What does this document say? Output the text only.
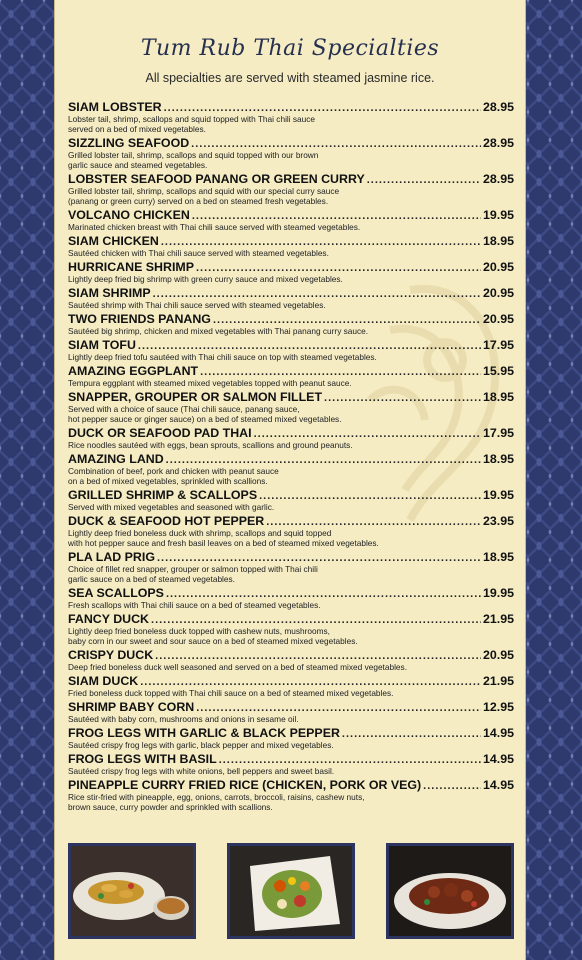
Tum Rub Thai Specialties
All specialties are served with steamed jasmine rice.
SIAM LOBSTER .....	28.95
Lobster tail, shrimp, scallops and squid topped with Thai chili sauce
served on a bed of mixed vegetables.
SIZZLING SEAFOOD .....	28.95
Grilled lobster tail, shrimp, scallops and squid topped with our brown
garlic sauce and steamed vegetables.
LOBSTER SEAFOOD PANANG OR GREEN CURRY .....	28.95
Grilled lobster tail, shrimp, scallops and squid with our special curry sauce
(panang or green curry) served on a bed on steamed fresh vegetables.
VOLCANO CHICKEN .....	19.95
Marinated chicken breast with Thai chili sauce served with steamed vegetables.
SIAM CHICKEN .....	18.95
Sautéed chicken with Thai chili sauce served with steamed vegetables.
HURRICANE SHRIMP .....	20.95
Lightly deep fried big shrimp with green curry sauce and mixed vegetables.
SIAM SHRIMP .....	20.95
Sautéed shrimp with Thai chili sauce served with steamed vegetables.
TWO FRIENDS PANANG .....	20.95
Sautéed big shrimp, chicken and mixed vegetables with Thai panang curry sauce.
SIAM TOFU .....	17.95
Lightly deep fried tofu sautéed with Thai chili sauce on top with steamed vegetables.
AMAZING EGGPLANT .....	15.95
Tempura eggplant with steamed mixed vegetables topped with peanut sauce.
SNAPPER, GROUPER OR SALMON FILLET .....	18.95
Served with a choice of sauce (Thai chili sauce, panang sauce,
hot pepper sauce or ginger sauce) on a bed of steamed mixed vegetables.
DUCK OR SEAFOOD PAD THAI .....	17.95
Rice noodles sautéed with eggs, bean sprouts, scallions and ground peanuts.
AMAZING LAND .....	18.95
Combination of beef, pork and chicken with peanut sauce
on a bed of mixed vegetables, sprinkled with scallions.
GRILLED SHRIMP & SCALLOPS .....	19.95
Served with mixed vegetables and seasoned with garlic.
DUCK & SEAFOOD HOT PEPPER .....	23.95
Lightly deep fried boneless duck with shrimp, scallops and squid topped
with hot pepper sauce and fresh basil leaves on a bed of steamed mixed vegetables.
PLA LAD PRIG .....	18.95
Choice of fillet red snapper, grouper or salmon topped with Thai chili
garlic sauce on a bed of steamed vegetables.
SEA SCALLOPS .....	19.95
Fresh scallops with Thai chili sauce on a bed of steamed vegetables.
FANCY DUCK .....	21.95
Lightly deep fried boneless duck topped with cashew nuts, mushrooms,
baby corn in our sweet and sour sauce on a bed of steamed mixed vegetables.
CRISPY DUCK .....	20.95
Deep fried boneless duck well seasoned and served on a bed of steamed mixed vegetables.
SIAM DUCK .....	21.95
Fried boneless duck topped with Thai chili sauce on a bed of steamed mixed vegetables.
SHRIMP BABY CORN .....	12.95
Sautéed with baby corn, mushrooms and onions in sesame oil.
FROG LEGS WITH GARLIC & BLACK PEPPER .....	14.95
Sautéed crispy frog legs with garlic, black pepper and mixed vegetables.
FROG LEGS WITH BASIL .....	14.95
Sautéed crispy frog legs with white onions, bell peppers and sweet basil.
PINEAPPLE CURRY FRIED RICE (CHICKEN, PORK OR VEG) .....	14.95
Rice stir-fried with pineapple, egg, onions, carrots, broccoli, raisins, cashew nuts,
brown sauce, curry powder and sprinkled with scallions.
